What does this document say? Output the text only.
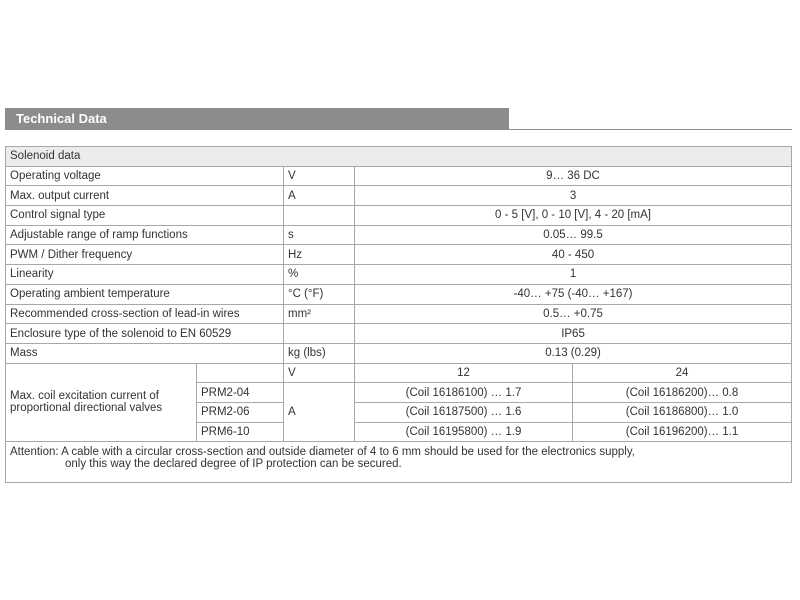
Technical Data
Solenoid data				
Operating voltage		V	9… 36 DC	
Max. output current		A	3	
Control signal type			0 - 5 [V], 0 - 10 [V], 4 - 20 [mA]	
Adjustable range of ramp functions		s	0.05… 99.5	
PWM / Dither frequency		Hz	40 - 450	
Linearity		%	1	
Operating ambient temperature		°C (°F)	-40… +75 (-40… +167)	
Recommended cross-section of lead-in wires		mm²	0.5… +0.75	
Enclosure type of the solenoid to EN 60529			IP65	
Mass		kg (lbs)	0.13 (0.29)	
Max. coil excitation current of proportional directional valves		V	12	24
	PRM2-04	A	(Coil 16186100) … 1.7	(Coil 16186200)… 0.8
	PRM2-06		(Coil 16187500) … 1.6	(Coil 16186800)… 1.0
	PRM6-10		(Coil 16195800) … 1.9	(Coil 16196200)… 1.1

Attention: A cable with a circular cross-section and outside diameter of 4 to 6 mm should be used for the electronics supply,
only this way the declared degree of IP protection can be secured.				
